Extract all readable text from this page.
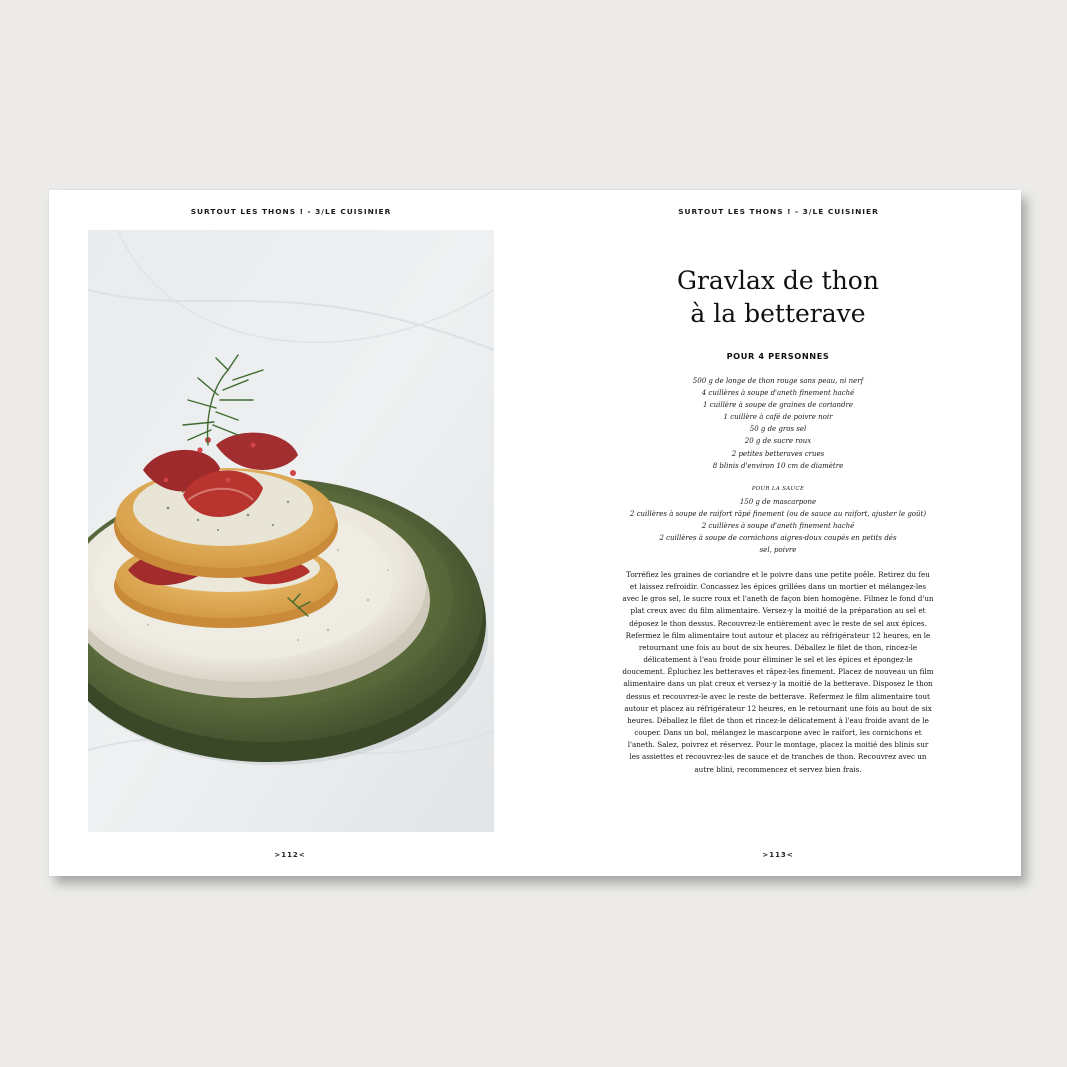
SURTOUT LES THONS ! - 3/LE CUISINIER
>112<
SURTOUT LES THONS ! - 3/LE CUISINIER
Gravlax de thon
à la betterave
POUR 4 PERSONNES
500 g de longe de thon rouge sans peau, ni nerf
4 cuillères à soupe d'aneth finement haché
1 cuillère à soupe de graines de coriandre
1 cuillère à café de poivre noir
50 g de gros sel
20 g de sucre roux
2 petites betteraves crues
8 blinis d'environ 10 cm de diamètre
POUR LA SAUCE
150 g de mascarpone
2 cuillères à soupe de raifort râpé finement (ou de sauce au raifort, ajuster le goût)
2 cuillères à soupe d'aneth finement haché
2 cuillères à soupe de cornichons aigres-doux coupés en petits dés
sel, poivre

Torréfiez les graines de coriandre et le poivre dans une petite poêle. Retirez du feu et laissez refroidir. Concassez les épices grillées dans un mortier et mélangez-les avec le gros sel, le sucre roux et l'aneth de façon bien homogène. Filmez le fond d'un plat creux avec du film alimentaire. Versez-y la moitié de la préparation au sel et déposez le thon dessus. Recouvrez-le entièrement avec le reste de sel aux épices. Refermez le film alimentaire tout autour et placez au réfrigérateur 12 heures, en le retournant une fois au bout de six heures. Déballez le filet de thon, rincez-le délicatement à l'eau froide pour éliminer le sel et les épices et épongez-le doucement. Épluchez les betteraves et râpez-les finement. Placez de nouveau un film alimentaire dans un plat creux et versez-y la moitié de la betterave. Disposez le thon dessus et recouvrez-le avec le reste de betterave. Refermez le film alimentaire tout autour et placez au réfrigérateur 12 heures, en le retournant une fois au bout de six heures. Déballez le filet de thon et rincez-le délicatement à l'eau froide avant de le couper. Dans un bol, mélangez le mascarpone avec le raifort, les cornichons et l'aneth. Salez, poivrez et réservez. Pour le montage, placez la moitié des blinis sur les assiettes et recouvrez-les de sauce et de tranches de thon. Recouvrez avec un autre blini, recommencez et servez bien frais.

>113<
